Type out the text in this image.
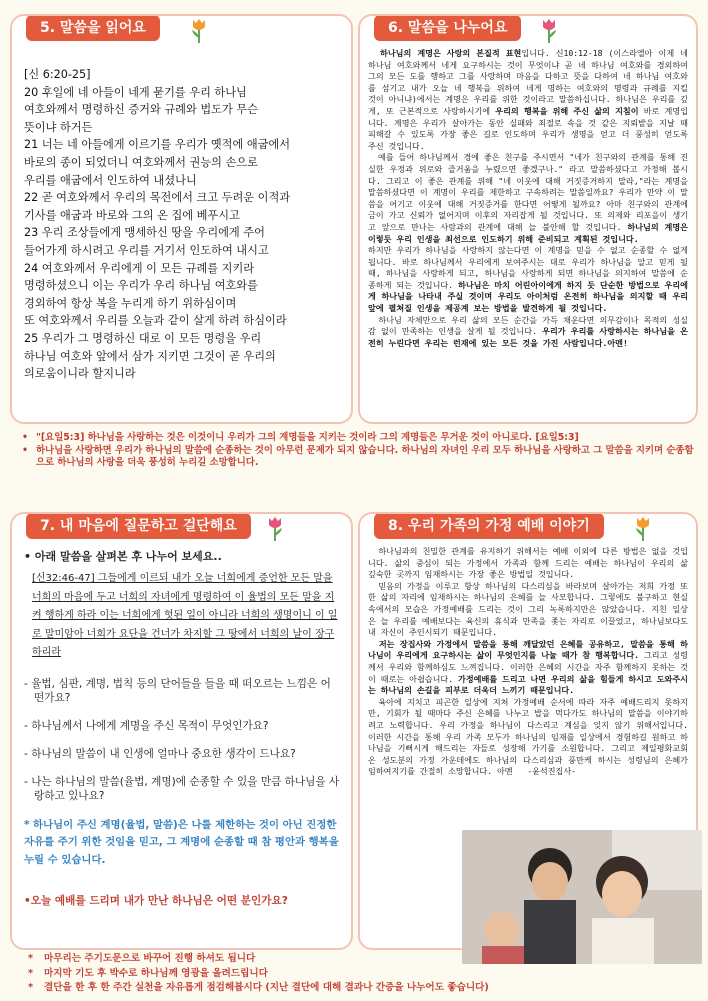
5. 말씀을 읽어요
[신 6:20-25]
20 후일에 네 아들이 네게 묻기를 우리 하나님
여호와께서 명령하신 증거와 규례와 법도가 무슨
뜻이냐 하거든
21 너는 네 아들에게 이르기를 우리가 옛적에 애굽에서
바로의 종이 되었더니 여호와께서 권능의 손으로
우리를 애굽에서 인도하여 내셨나니
22 곧 여호와께서 우리의 목전에서 크고 두려운 이적과
기사를 애굽과 바로와 그의 온 집에 베푸시고
23 우리 조상들에게 맹세하신 땅을 우리에게 주어
들어가게 하시려고 우리를 거기서 인도하여 내시고
24 여호와께서 우리에게 이 모든 규례를 지키라
명령하셨으니 이는 우리가 우리 하나님 여호와를
경외하여 항상 복을 누리게 하기 위하심이며
또 여호와께서 우리를 오늘과 같이 살게 하려 하심이라
25 우리가 그 명령하신 대로 이 모든 명령을 우리
하나님 여호와 앞에서 삼가 지키면 그것이 곧 우리의
의로움이니라 할지니라
6. 말씀을 나누어요
하나님의 계명은 사랑의 본질적 표현입니다. 신10:12-18 (이스라엘아 이제 네 하나님 여호와께서 네게 요구하시는 것이 무엇이냐 곧 네 하나님 여호와를 경외하여 그의 모든 도를 행하고 그를 사랑하며 마음을 다하고 뜻을 다하여 네 하나님 여호와를 섬기고 내가 오늘 네 행복을 위하여 네게 명하는 여호와의 명령과 규례를 지킬 것이 아니냐)에서는 계명은 우리를 위한 것이라고 말씀하십니다. 하나님은 우리를 깊게, 또 근본적으로 사랑하시기에 우리의 행복을 위해 주신 삶의 지침이 바로 계명입니다. 계명은 우리가 살아가는 동안 실패와 죄절로 속을 것 같은 지뢰밭을 지날 때 피해갈 수 있도록 가장 좋은 길로 인도하며 우리가 생명을 얻고 더 풍성히 얻도록 주신 것입니다.
예를 들어 하나님께서 경에 좋은 친구를 주시면서 "네가 친구와의 관계를 통해 진실한 우정과 위로와 즐거움을 누렸으면 좋겠구나." 라고 말씀하셨다고 가정해 봅시다. 그리고 이 좋은 관계를 위해 "네 이웃에 대해 거짓증거하지 말라,"라는 계명을 말씀하셨다면 이 계명이 우리를 제한하고 구속하려는 말씀일까요? 우리가 만약 이 말씀을 어기고 이웃에 대해 거짓증거를 한다면 어떻게 될까요? 아마 친구와의 관계에 금이 가고 신뢰가 없어지며 이후의 자리잡게 될 것입니다. 또 의제와 리포을이 생기고 앞으로 만나는 사람과의 관계에 대해 늘 불안해 할 것입니다. 하나님의 계명은 이렇듯 우리 인생을 최선으로 인도하기 위해 준비되고 계획된 것입니다.
하지만 우리가 하나님을 사랑하지 않는다면 이 계명을 믿을 수 없고 순종할 수 없게 됩니다. 바로 하나님께서 우리에게 보여주시는 대로 우리가 하나님을 알고 믿게 될 때, 하나님을 사랑하게 되고, 하나님을 사랑하게 되면 하나님을 의지하여 말씀에 순종하게 되는 것입니다. 하나님은 마치 어린아이에게 하지 듯 단순한 방법으로 우리에게 하나님을 나타내 주실 것이며 우리도 아이처럼 온전히 하나님을 의지할 때 우리 앞에 펼쳐질 인생을 제공계 보는 방법을 발견하게 될 것입니다.
하나님 자체만으로 우리 삶의 모든 순간을 가득 채운다면 의무감이나 목적의 성실감 없이 만족하는 인생을 살게 될 것입니다. 우리가 우리를 사랑하시는 하나님을 온전히 누린다면 우리는 런재에 있는 모든 것을 가진 사람입니다.아멘!
• "[요일5:3] 하나님을 사랑하는 것은 이것이니 우리가 그의 계명들을 지키는 것이라 그의 계명들은 무거운 것이 아니로다. [요일5:3]
• 하나님을 사랑하면 우리가 하나님의 말씀에 순종하는 것이 아무런 문제가 되지 않습니다. 하나님의 자녀인 우리 모두 하나님을 사랑하고 그 말씀을 지키며 순종함으로 하나님의 사랑을 더욱 풍성히 누리길 소망합니다.
7. 내 마음에 질문하고 걸단해요
• 아래 말씀을 살펴본 후 나누어 보세요..
[신32:46-47] 그들에게 이르되 내가 오늘 너희에게 증언한 모든 말을 너희의 마음에 두고 너희의 자녀에게 명령하여 이 율법의 모든 말을 지켜 행하게 하라 이는 너희에게 헛된 일이 아니라 너희의 생명이니 이 일로 말미암아 너희가 요단을 건너가 차지할 그 땅에서 너희의 날이 장구하리라
- 율법, 심판, 계명, 법칙 등의 단어들을 들을 때 떠오르는 느낌은 어떤가요?
- 하나님께서 나에게 계명을 주신 목적이 무엇인가요?
- 하나님의 말씀이 내 인생에 얼마나 중요한 생각이 드나요?
- 나는 하나님의 말씀(율법, 계명)에 순종할 수 있을 만큼 하나님을 사랑하고 있나요?
* 하나님이 주신 계명(율법, 말씀)은 나를 제한하는 것이 아닌 진정한 자유를 주기 위한 것임을 믿고, 그 계명에 순종할 때 참 평안과 행복을 누릴 수 있습니다.
•오늘 예배를 드리며 내가 만난 하나님은 어떤 분인가요?
8. 우리 가족의 가정 예배 이야기
하나님과의 친밀한 관계를 유지하기 위해서는 예배 이외에 다른 방법은 없을 것입니다. 삶의 중심이 되는 가정에서 가족과 함께 드리는 예배는 하나님이 우리의 삶 깊숙한 곳까지 임재하시는 가장 좋은 방법일 것입니다.
믿음의 가정을 이루고 항상 하나님의 다스리심을 바라보며 살아가는 저희 가정 또한 삶의 자리에 임재하시는 하나님의 은혜를 늘 사모합니다. 그렇에도 불구하고 현실 속에서의 모습은 가정예배를 드리는 것이 그리 녹록하지만은 않았습니다. 지친 일상은 늘 우리를 예배보다는 육신의 휴식과 만족을 좇는 자리로 이끌었고, 하나님보다도 내 자신이 주인시되기 때문입니다.
저는 장집사와 가정에서 말씀을 통해 깨달았던 은혜를 공유하고, 말씀을 통해 하나님이 우리에게 요구하시는 삶이 무엇인지를 나눌 때가 참 행복합니다. 그리고 성령께서 우리와 함께하심도 느껴집니다. 이러한 은혜의 시간을 자주 함께하지 못하는 것이 때로는 아쉽습니다. 가정예배를 드리고 나면 우리의 삶을 힘들게 하시고 도와주시는 하나님의 손길을 피부로 더욱더 느끼기 때문입니다.
육아에 지치고 피곤한 일상에 지쳐 가정예배 순서에 따라 자주 예배드리지 못하지만, 기회가 될 때마다 주신 은혜를 나누고 밥을 먹다가도 하나님의 말씀을 이야기하려고 노력합니다. 우리 가정을 하나님이 다스리고 계심을 잊지 않기 위해서입니다. 이러한 시간을 통해 우리 가족 모두가 하나님의 임재를 일상에서 경험하길 원하고 하나님을 기뻐시게 해드리는 자들로 성장해 가기를 소원합니다. 그리고 제일평화교회 온 성도분의 가정 가운데에도 하나님의 다스리심과 풍만케 하시는 성령님의 은혜가 임하여지기를 간절히 소망합니다. 아멘 -윤석진집사-
* 마무리는 주기도문으로 바꾸어 진행 하셔도 됩니다
* 마지막 기도 후 박수로 하나님께 영광을 올려드립니다
* 결단을 한 후 한 주간 실천을 자유롭게 점검해봅시다 (지난 결단에 대해 결과나 간증을 나누어도 좋습니다)
